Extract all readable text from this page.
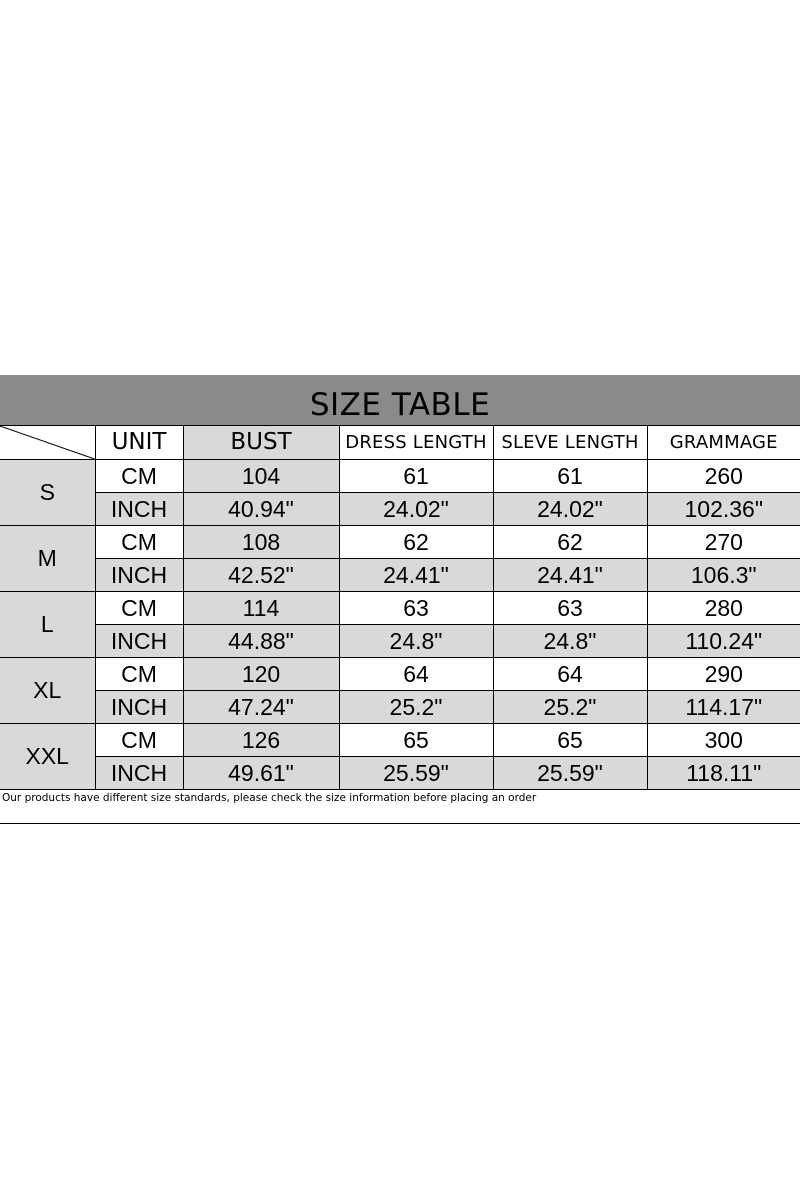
SIZE TABLE
	UNIT	BUST	DRESS LENGTH	SLEVE LENGTH	GRAMMAGE
S	CM	104	61	61	260
	INCH	40.94"	24.02"	24.02"	102.36"
M	CM	108	62	62	270
	INCH	42.52"	24.41"	24.41"	106.3"
L	CM	114	63	63	280
	INCH	44.88"	24.8"	24.8"	110.24"
XL	CM	120	64	64	290
	INCH	47.24"	25.2"	25.2"	114.17"
XXL	CM	126	65	65	300
	INCH	49.61"	25.59"	25.59"	118.11"
Our products have different size standards, please check the size information before placing an order
